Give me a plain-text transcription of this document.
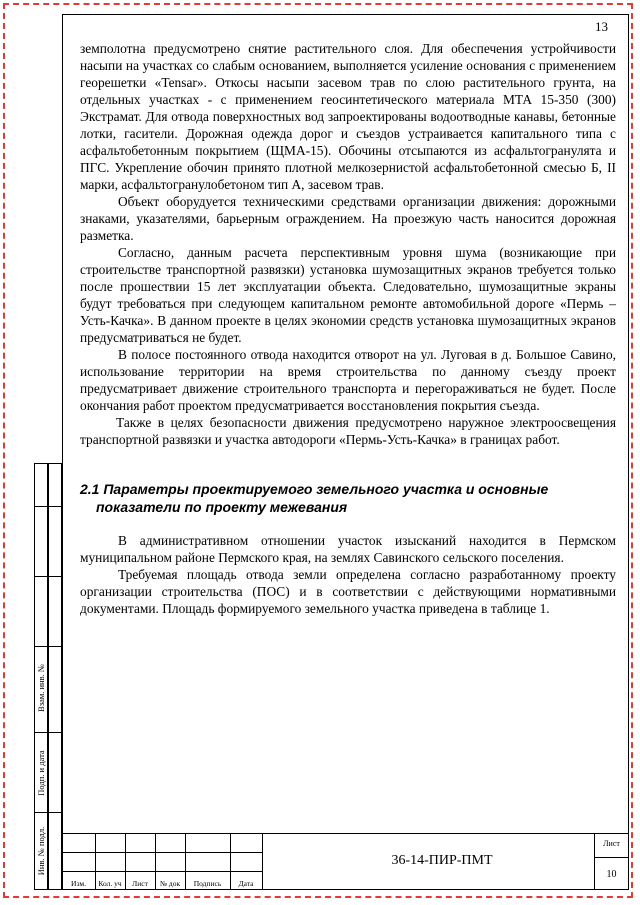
13

земполотна предусмотрено снятие растительного слоя. Для обеспечения устройчивости насыпи на участках со слабым основанием, выполняется усиление основания с применением георешетки «Tensar». Откосы насыпи засевом трав по слою растительного грунта, на отдельных участках - с применением геосинтетического материала МТА 15-350 (300) Экстрамат. Для отвода поверхностных вод запроектированы водоотводные канавы, бетонные лотки, гасители. Дорожная одежда дорог и съездов устраивается капитального типа с асфальтобетонным покрытием (ЩМА-15). Обочины отсыпаются из асфальтогранулята и ПГС. Укрепление обочин принято плотной мелкозернистой асфальтобетонной смесью Б, II марки, асфальтогранулобетоном тип А, засевом трав.

Объект оборудуется техническими средствами организации движения: дорожными знаками, указателями, барьерным ограждением. На проезжую часть наносится дорожная разметка.

Согласно, данным расчета перспективным уровня шума (возникающие при строительстве транспортной развязки) установка шумозащитных экранов требуется только после прошествии 15 лет эксплуатации объекта. Следовательно, шумозащитные экраны будут требоваться при следующем капитальном ремонте автомобильной дороге «Пермь – Усть-Качка». В данном проекте в целях экономии средств установка шумозащитных экранов предусматриваться не будет.

В полосе постоянного отвода находится отворот на ул. Луговая в д. Большое Савино, использование территории на время строительства по данному съезду проект предусматривает движение строительного транспорта и перегораживаться не будет. После окончания работ проектом предусматривается восстановления покрытия съезда.

Также в целях безопасности движения предусмотрено наружное электроосвещения транспортной развязки и участка автодороги «Пермь-Усть-Качка» в границах работ.

2.1 Параметры проектируемого земельного участка и основные
показатели по проекту межевания

В административном отношении участок изысканий находится в Пермском муниципальном районе Пермского края, на землях Савинского сельского поселения.

Требуемая площадь отвода земли определена согласно разработанному проекту организации строительства (ПОС) и в соответствии с действующими нормативными документами. Площадь формируемого земельного участка приведена в таблице 1.

Взам. инв. №
Подп. и дата
Инв. № подл.
Изм.	Кол. уч	Лист	№ док	Подпись	Дата
36-14-ПИР-ПМТ
Лист
10
